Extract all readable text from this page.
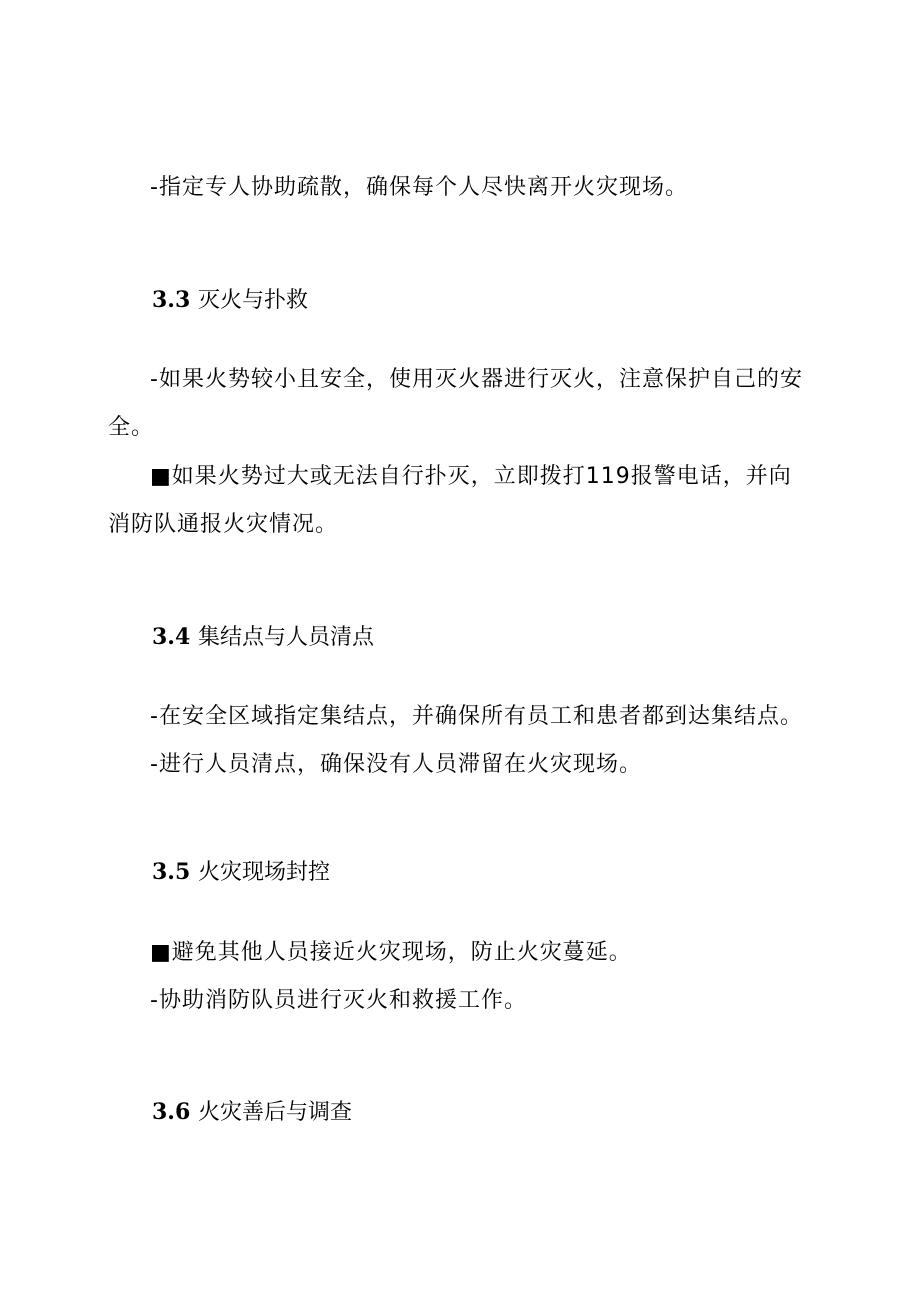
-指定专人协助疏散，确保每个人尽快离开火灾现场。
3.3 灭火与扑救
-如果火势较小且安全，使用灭火器进行灭火，注意保护自己的安
全。
■如果火势过大或无法自行扑灭，立即拨打119报警电话，并向
消防队通报火灾情况。
3.4 集结点与人员清点
-在安全区域指定集结点，并确保所有员工和患者都到达集结点。
-进行人员清点，确保没有人员滞留在火灾现场。
3.5 火灾现场封控
■避免其他人员接近火灾现场，防止火灾蔓延。
-协助消防队员进行灭火和救援工作。
3.6 火灾善后与调查
